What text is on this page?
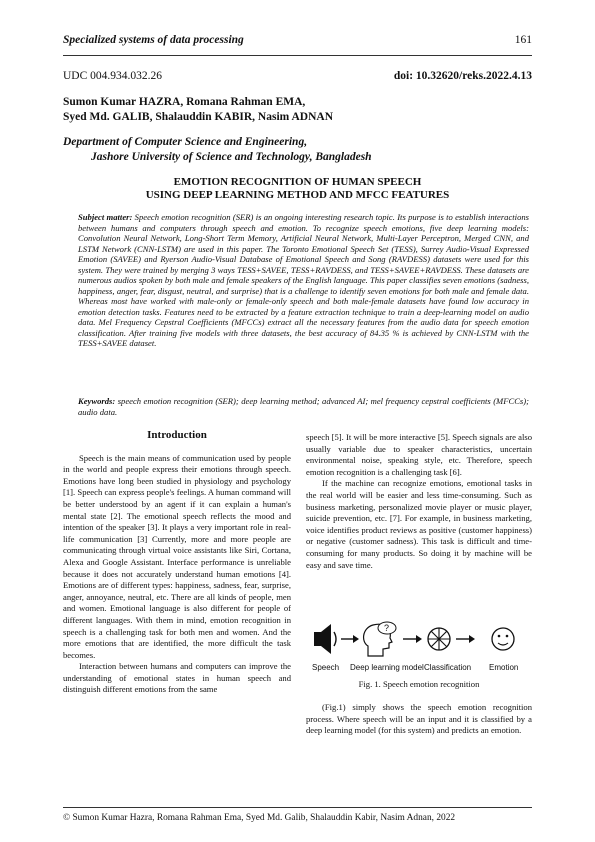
Specialized systems of data processing	161
UDC 004.934.032.26	doi: 10.32620/reks.2022.4.13
Sumon Kumar HAZRA, Romana Rahman EMA,
Syed Md. GALIB, Shalauddin KABIR, Nasim ADNAN
Department of Computer Science and Engineering,
Jashore University of Science and Technology, Bangladesh
EMOTION RECOGNITION OF HUMAN SPEECH
USING DEEP LEARNING METHOD AND MFCC FEATURES
Subject matter: Speech emotion recognition (SER) is an ongoing interesting research topic. Its purpose is to establish interactions between humans and computers through speech and emotion. To recognize speech emotions, five deep learning models: Convolution Neural Network, Long-Short Term Memory, Artificial Neural Network, Multi-Layer Perceptron, Merged CNN, and LSTM Network (CNN-LSTM) are used in this paper. The Toronto Emotional Speech Set (TESS), Surrey Audio-Visual Expressed Emotion (SAVEE) and Ryerson Audio-Visual Database of Emotional Speech and Song (RAVDESS) datasets were used for this system. They were trained by merging 3 ways TESS+SAVEE, TESS+RAVDESS, and TESS+SAVEE+RAVDESS. These datasets are numerous audios spoken by both male and female speakers of the English language. This paper classifies seven emotions (sadness, happiness, anger, fear, disgust, neutral, and surprise) that is a challenge to identify seven emotions for both male and female data. Whereas most have worked with male-only or female-only speech and both male-female datasets have found low accuracy in emotion detection tasks. Features need to be extracted by a feature extraction technique to train a deep-learning model on audio data. Mel Frequency Cepstral Coefficients (MFCCs) extract all the necessary features from the audio data for speech emotion classification. After training five models with three datasets, the best accuracy of 84.35 % is achieved by CNN-LSTM with the TESS+SAVEE dataset.
Keywords: speech emotion recognition (SER); deep learning method; advanced AI; mel frequency cepstral coefficients (MFCCs); audio data.
Introduction

Speech is the main means of communication used by people in the world and people express their emotions through speech. Emotions have long been studied in physiology and psychology [1]. Speech can express people's feelings. A human command will be better understood by an agent if it can explain a human's mental state [2]. The emotional speech reflects the mood and intention of the speaker [3]. It plays a very important role in real-life communication [3] Currently, more and more people are communicating through virtual voice assistants like Siri, Cortana, Alexa and Google Assistant. Interface performance is unreliable because it does not accurately understand human emotions [4]. Emotions are of different types: happiness, sadness, fear, surprise, anger, annoyance, neutral, etc. There are all kinds of people, men and women. Emotional language is also different for people of different languages. With them in mind, emotion recognition in speech is a challenging task for both men and women. And the more emotions that are identified, the more difficult the task becomes.

Interaction between humans and computers can improve the understanding of emotional states in human speech and distinguish different emotions from the same

speech [5]. It will be more interactive [5]. Speech signals are also usually variable due to speaker characteristics, uncertain environmental noise, speaking style, etc. Therefore, speech emotion recognition is a challenging task [6].

If the machine can recognize emotions, emotional tasks in the real world will be easier and less time-consuming. Such as business marketing, personalized movie player or music player, suicide prevention, etc. [7]. For example, in business marketing, voice identifies product reviews as positive (customer happiness) or negative (customer sadness). This task is difficult and time-consuming for many products. So doing it by machine will be easy and save time.

?
Speech Deep learning model Classification Emotion
Fig. 1. Speech emotion recognition

(Fig.1) simply shows the speech emotion recognition process. Where speech will be an input and it is classified by a deep learning model (for this system) and predicts an emotion.

© Sumon Kumar Hazra, Romana Rahman Ema, Syed Md. Galib, Shalauddin Kabir, Nasim Adnan, 2022
